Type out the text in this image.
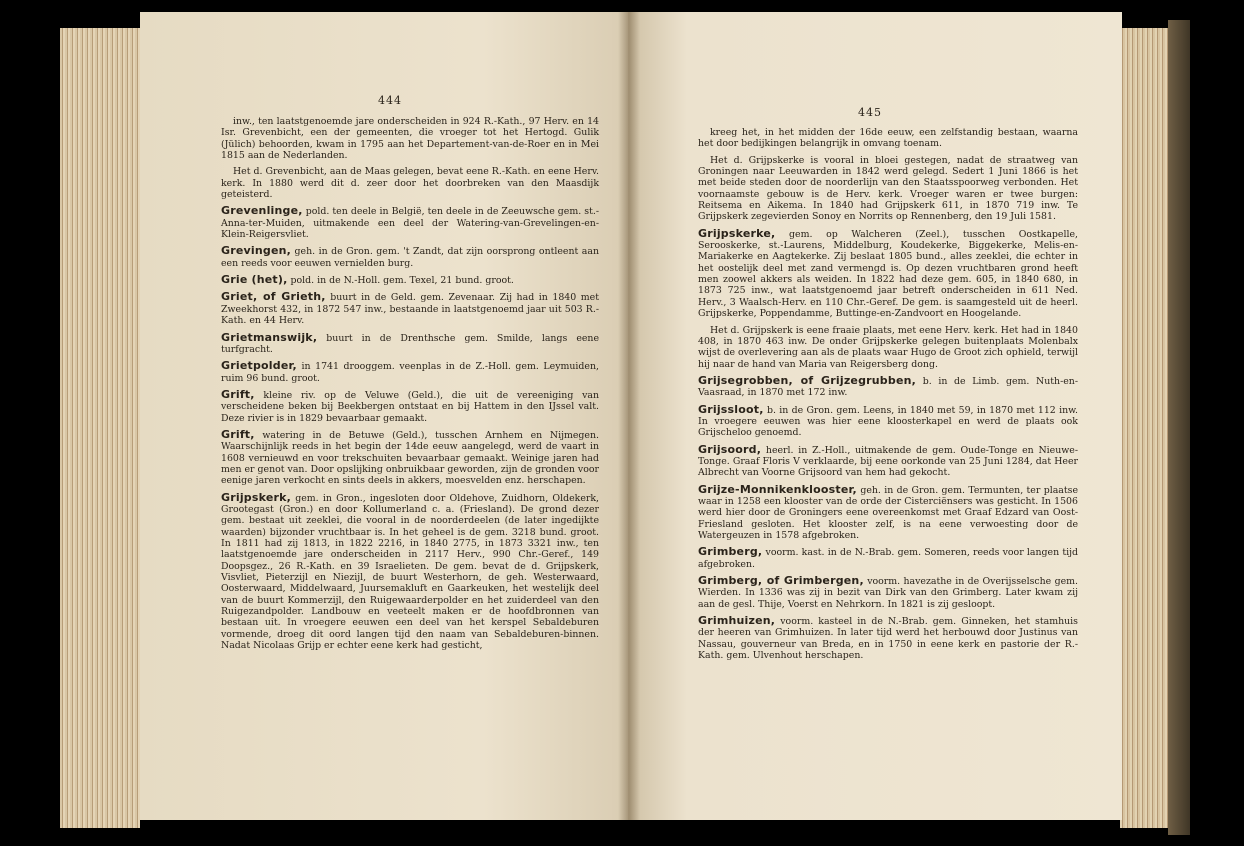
444

inw., ten laatstgenoemde jare onderscheiden in 924 R.-Kath., 97 Herv. en 14 Isr. Grevenbicht, een der gemeenten, die vroeger tot het Hertogd. Gulik (Jülich) behoorden, kwam in 1795 aan het Departement-van-de-Roer en in Mei 1815 aan de Nederlanden.

Het d. Grevenbicht, aan de Maas gelegen, bevat eene R.-Kath. en eene Herv. kerk. In 1880 werd dit d. zeer door het doorbreken van den Maasdijk geteisterd.

Grevenlinge, pold. ten deele in België, ten deele in de Zeeuwsche gem. st.-Anna-ter-Muiden, uitmakende een deel der Watering-van-Grevelingen-en-Klein-Reigersvliet.

Grevingen, geh. in de Gron. gem. 't Zandt, dat zijn oorsprong ontleent aan een reeds voor eeuwen vernielden burg.

Grie (het), pold. in de N.-Holl. gem. Texel, 21 bund. groot.

Griet, of Grieth, buurt in de Geld. gem. Zevenaar. Zij had in 1840 met Zweekhorst 432, in 1872 547 inw., bestaande in laatstgenoemd jaar uit 503 R.-Kath. en 44 Herv.

Grietmanswijk, buurt in de Drenthsche gem. Smilde, langs eene turfgracht.

Grietpolder, in 1741 drooggem. veenplas in de Z.-Holl. gem. Leymuiden, ruim 96 bund. groot.

Grift, kleine riv. op de Veluwe (Geld.), die uit de vereeniging van verscheidene beken bij Beekbergen ontstaat en bij Hattem in den IJssel valt. Deze rivier is in 1829 bevaarbaar gemaakt.

Grift, watering in de Betuwe (Geld.), tusschen Arnhem en Nijmegen. Waarschijnlijk reeds in het begin der 14de eeuw aangelegd, werd de vaart in 1608 vernieuwd en voor trekschuiten bevaarbaar gemaakt. Weinige jaren had men er genot van. Door opslijking onbruikbaar geworden, zijn de gronden voor eenige jaren verkocht en sints deels in akkers, moesvelden enz. herschapen.

Grijpskerk, gem. in Gron., ingesloten door Oldehove, Zuidhorn, Oldekerk, Grootegast (Gron.) en door Kollumerland c. a. (Friesland). De grond dezer gem. bestaat uit zeeklei, die vooral in de noorderdeelen (de later ingedijkte waarden) bijzonder vruchtbaar is. In het geheel is de gem. 3218 bund. groot. In 1811 had zij 1813, in 1822 2216, in 1840 2775, in 1873 3321 inw., ten laatstgenoemde jare onderscheiden in 2117 Herv., 990 Chr.-Geref., 149 Doopsgez., 26 R.-Kath. en 39 Israelieten. De gem. bevat de d. Grijpskerk, Visvliet, Pieterzijl en Niezijl, de buurt Westerhorn, de geh. Westerwaard, Oosterwaard, Middelwaard, Juursemakluft en Gaarkeuken, het westelijk deel van de buurt Kommerzijl, den Ruigewaarderpolder en het zuiderdeel van den Ruigezandpolder. Landbouw en veeteelt maken er de hoofdbronnen van bestaan uit. In vroegere eeuwen een deel van het kerspel Sebaldeburen vormende, droeg dit oord langen tijd den naam van Sebaldeburen-binnen. Nadat Nicolaas Grijp er echter eene kerk had gesticht,

445

kreeg het, in het midden der 16de eeuw, een zelfstandig bestaan, waarna het door bedijkingen belangrijk in omvang toenam.

Het d. Grijpskerke is vooral in bloei gestegen, nadat de straatweg van Groningen naar Leeuwarden in 1842 werd gelegd. Sedert 1 Juni 1866 is het met beide steden door de noorderlijn van den Staatsspoorweg verbonden. Het voornaamste gebouw is de Herv. kerk. Vroeger waren er twee burgen: Reitsema en Aikema. In 1840 had Grijpskerk 611, in 1870 719 inw. Te Grijpskerk zegevierden Sonoy en Norrits op Rennenberg, den 19 Juli 1581.

Grijpskerke, gem. op Walcheren (Zeel.), tusschen Oostkapelle, Serooskerke, st.-Laurens, Middelburg, Koudekerke, Biggekerke, Melis-en-Mariakerke en Aagtekerke. Zij beslaat 1805 bund., alles zeeklei, die echter in het oostelijk deel met zand vermengd is. Op dezen vruchtbaren grond heeft men zoowel akkers als weiden. In 1822 had deze gem. 605, in 1840 680, in 1873 725 inw., wat laatstgenoemd jaar betreft onderscheiden in 611 Ned. Herv., 3 Waalsch-Herv. en 110 Chr.-Geref. De gem. is saamgesteld uit de heerl. Grijpskerke, Poppendamme, Buttinge-en-Zandvoort en Hoogelande.

Het d. Grijpskerk is eene fraaie plaats, met eene Herv. kerk. Het had in 1840 408, in 1870 463 inw. De onder Grijpskerke gelegen buitenplaats Molenbalx wijst de overlevering aan als de plaats waar Hugo de Groot zich ophield, terwijl hij naar de hand van Maria van Reigersberg dong.

Grijsegrobben, of Grijzegrubben, b. in de Limb. gem. Nuth-en-Vaasraad, in 1870 met 172 inw.

Grijssloot, b. in de Gron. gem. Leens, in 1840 met 59, in 1870 met 112 inw. In vroegere eeuwen was hier eene kloosterkapel en werd de plaats ook Grijscheloo genoemd.

Grijsoord, heerl. in Z.-Holl., uitmakende de gem. Oude-Tonge en Nieuwe-Tonge. Graaf Floris V verklaarde, bij eene oorkonde van 25 Juni 1284, dat Heer Albrecht van Voorne Grijsoord van hem had gekocht.

Grijze-Monnikenklooster, geh. in de Gron. gem. Termunten, ter plaatse waar in 1258 een klooster van de orde der Cisterciënsers was gesticht. In 1506 werd hier door de Groningers eene overeenkomst met Graaf Edzard van Oost-Friesland gesloten. Het klooster zelf, is na eene verwoesting door de Watergeuzen in 1578 afgebroken.

Grimberg, voorm. kast. in de N.-Brab. gem. Someren, reeds voor langen tijd afgebroken.

Grimberg, of Grimbergen, voorm. havezathe in de Overijsselsche gem. Wierden. In 1336 was zij in bezit van Dirk van den Grimberg. Later kwam zij aan de gesl. Thije, Voerst en Nehrkorn. In 1821 is zij gesloopt.

Grimhuizen, voorm. kasteel in de N.-Brab. gem. Ginneken, het stamhuis der heeren van Grimhuizen. In later tijd werd het herbouwd door Justinus van Nassau, gouverneur van Breda, en in 1750 in eene kerk en pastorie der R.-Kath. gem. Ulvenhout herschapen.
